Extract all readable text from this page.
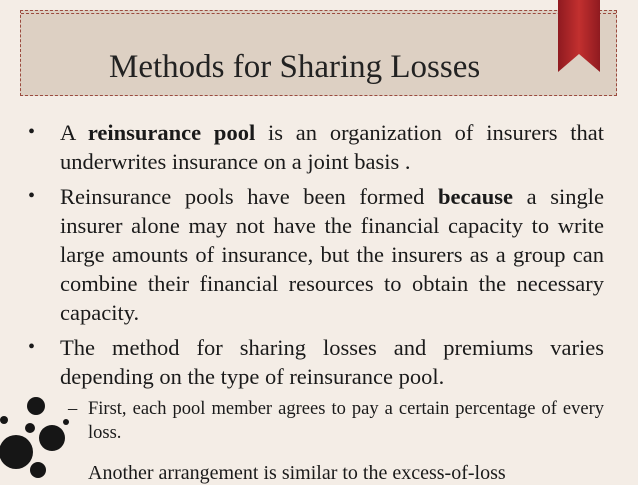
Methods for Sharing Losses
• A reinsurance pool is an organization of insurers that underwrites insurance on a joint basis .
• Reinsurance pools have been formed because a single insurer alone may not have the financial capacity to write large amounts of insurance, but the insurers as a group can combine their financial resources to obtain the necessary capacity.
• The method for sharing losses and premiums varies depending on the type of reinsurance pool.
– First, each pool member agrees to pay a certain percentage of every loss.
Another arrangement is similar to the excess-of-loss
